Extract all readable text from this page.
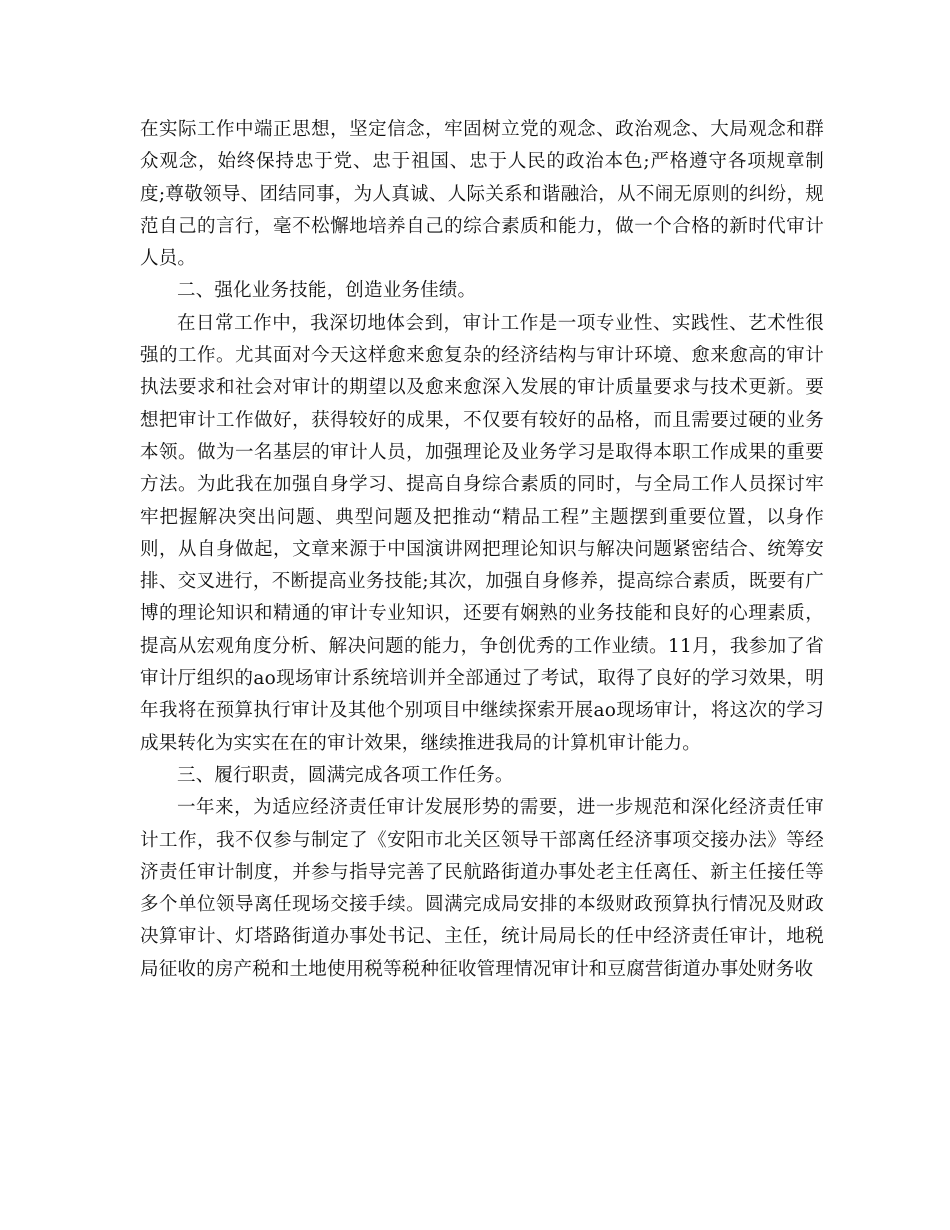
在实际工作中端正思想，坚定信念，牢固树立党的观念、政治观念、大局观念和群众观念，始终保持忠于党、忠于祖国、忠于人民的政治本色;严格遵守各项规章制度;尊敬领导、团结同事，为人真诚、人际关系和谐融洽，从不闹无原则的纠纷，规范自己的言行，毫不松懈地培养自己的综合素质和能力，做一个合格的新时代审计人员。

二、强化业务技能，创造业务佳绩。

在日常工作中，我深切地体会到，审计工作是一项专业性、实践性、艺术性很强的工作。尤其面对今天这样愈来愈复杂的经济结构与审计环境、愈来愈高的审计执法要求和社会对审计的期望以及愈来愈深入发展的审计质量要求与技术更新。要想把审计工作做好，获得较好的成果，不仅要有较好的品格，而且需要过硬的业务本领。做为一名基层的审计人员，加强理论及业务学习是取得本职工作成果的重要方法。为此我在加强自身学习、提高自身综合素质的同时，与全局工作人员探讨牢牢把握解决突出问题、典型问题及把推动“精品工程”主题摆到重要位置，以身作则，从自身做起，文章来源于中国演讲网把理论知识与解决问题紧密结合、统筹安排、交叉进行，不断提高业务技能;其次，加强自身修养，提高综合素质，既要有广博的理论知识和精通的审计专业知识，还要有娴熟的业务技能和良好的心理素质，提高从宏观角度分析、解决问题的能力，争创优秀的工作业绩。11月，我参加了省审计厅组织的ao现场审计系统培训并全部通过了考试，取得了良好的学习效果，明年我将在预算执行审计及其他个别项目中继续探索开展ao现场审计，将这次的学习成果转化为实实在在的审计效果，继续推进我局的计算机审计能力。

三、履行职责，圆满完成各项工作任务。

一年来，为适应经济责任审计发展形势的需要，进一步规范和深化经济责任审计工作，我不仅参与制定了《安阳市北关区领导干部离任经济事项交接办法》等经济责任审计制度，并参与指导完善了民航路街道办事处老主任离任、新主任接任等多个单位领导离任现场交接手续。圆满完成局安排的本级财政预算执行情况及财政决算审计、灯塔路街道办事处书记、主任，统计局局长的任中经济责任审计，地税局征收的房产税和土地使用税等税种征收管理情况审计和豆腐营街道办事处财务收
